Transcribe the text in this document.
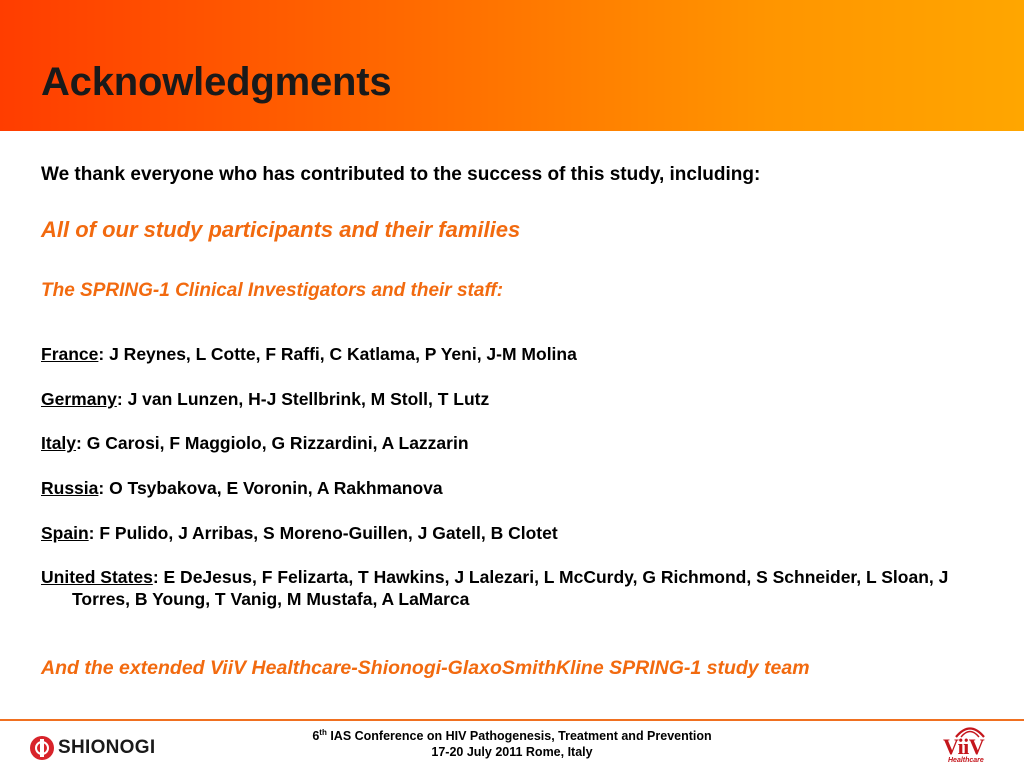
Acknowledgments
We thank everyone who has contributed to the success of this study, including:
All of our study participants and their families
The SPRING-1 Clinical Investigators and their staff:
France: J Reynes, L Cotte, F Raffi, C Katlama, P Yeni, J-M Molina
Germany: J van Lunzen, H-J Stellbrink, M Stoll, T Lutz
Italy: G Carosi, F Maggiolo, G Rizzardini, A Lazzarin
Russia: O Tsybakova, E Voronin, A Rakhmanova
Spain: F Pulido, J Arribas, S Moreno-Guillen, J Gatell, B Clotet
United States: E DeJesus, F Felizarta, T Hawkins, J Lalezari, L McCurdy, G Richmond, S Schneider, L Sloan, J Torres, B Young, T Vanig, M Mustafa, A LaMarca
And the extended ViiV Healthcare-Shionogi-GlaxoSmithKline SPRING-1 study team
SHIONOGI
6th IAS Conference on HIV Pathogenesis, Treatment and Prevention
17-20 July 2011 Rome, Italy	ViiV
Healthcare
